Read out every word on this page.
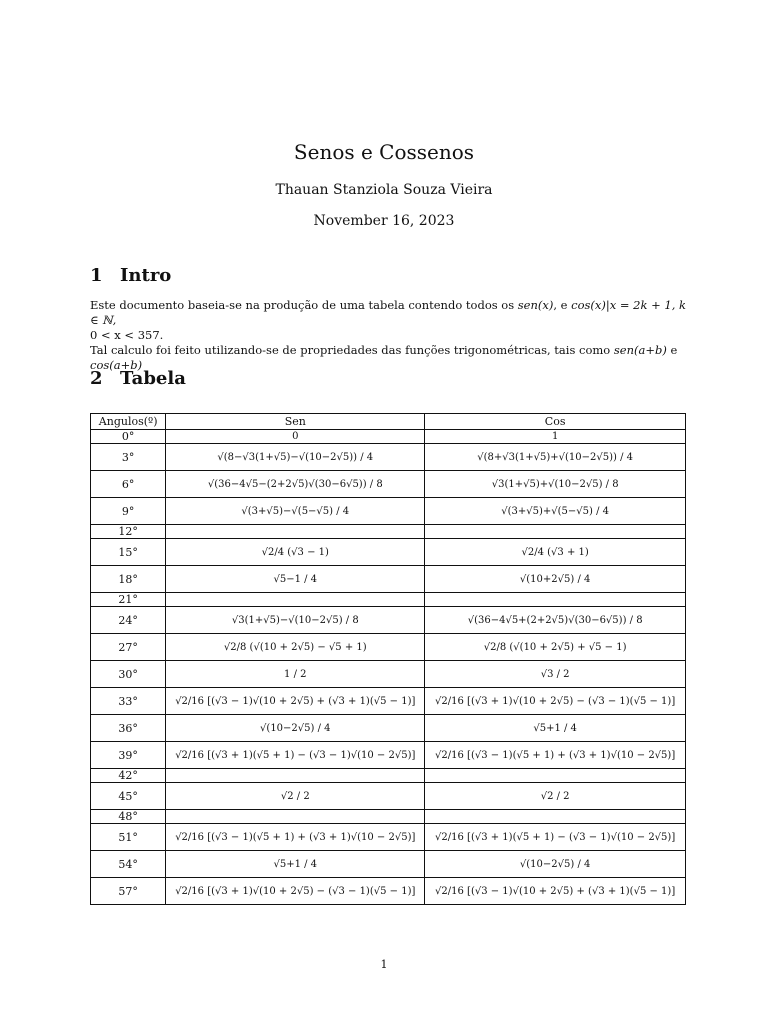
Senos e Cossenos
Thauan Stanziola Souza Vieira
November 16, 2023
1 Intro
Este documento baseia-se na produção de uma tabela contendo todos os sen(x), e cos(x)|x = 2k + 1, k ∈ ℕ,
0 < x < 357.
Tal calculo foi feito utilizando-se de propriedades das funções trigonométricas, tais como sen(a+b) e cos(a+b)
2 Tabela
Angulos(º)	Sen	Cos
0°	0	1
3°	√(8−√3(1+√5)−√(10−2√5)) / 4	√(8+√3(1+√5)+√(10−2√5)) / 4
6°	√(36−4√5−(2+2√5)√(30−6√5)) / 8	√3(1+√5)+√(10−2√5) / 8
9°	√(3+√5)−√(5−√5) / 4	√(3+√5)+√(5−√5) / 4
12°		
15°	√2/4 (√3 − 1)	√2/4 (√3 + 1)
18°	√5−1 / 4	√(10+2√5) / 4
21°		
24°	√3(1+√5)−√(10−2√5) / 8	√(36−4√5+(2+2√5)√(30−6√5)) / 8
27°	√2/8 (√(10 + 2√5) − √5 + 1)	√2/8 (√(10 + 2√5) + √5 − 1)
30°	1 / 2	√3 / 2
33°	√2/16 [(√3 − 1)√(10 + 2√5) + (√3 + 1)(√5 − 1)]	√2/16 [(√3 + 1)√(10 + 2√5) − (√3 − 1)(√5 − 1)]
36°	√(10−2√5) / 4	√5+1 / 4
39°	√2/16 [(√3 + 1)(√5 + 1) − (√3 − 1)√(10 − 2√5)]	√2/16 [(√3 − 1)(√5 + 1) + (√3 + 1)√(10 − 2√5)]
42°		
45°	√2 / 2	√2 / 2
48°		
51°	√2/16 [(√3 − 1)(√5 + 1) + (√3 + 1)√(10 − 2√5)]	√2/16 [(√3 + 1)(√5 + 1) − (√3 − 1)√(10 − 2√5)]
54°	√5+1 / 4	√(10−2√5) / 4
57°	√2/16 [(√3 + 1)√(10 + 2√5) − (√3 − 1)(√5 − 1)]	√2/16 [(√3 − 1)√(10 + 2√5) + (√3 + 1)(√5 − 1)]
1
